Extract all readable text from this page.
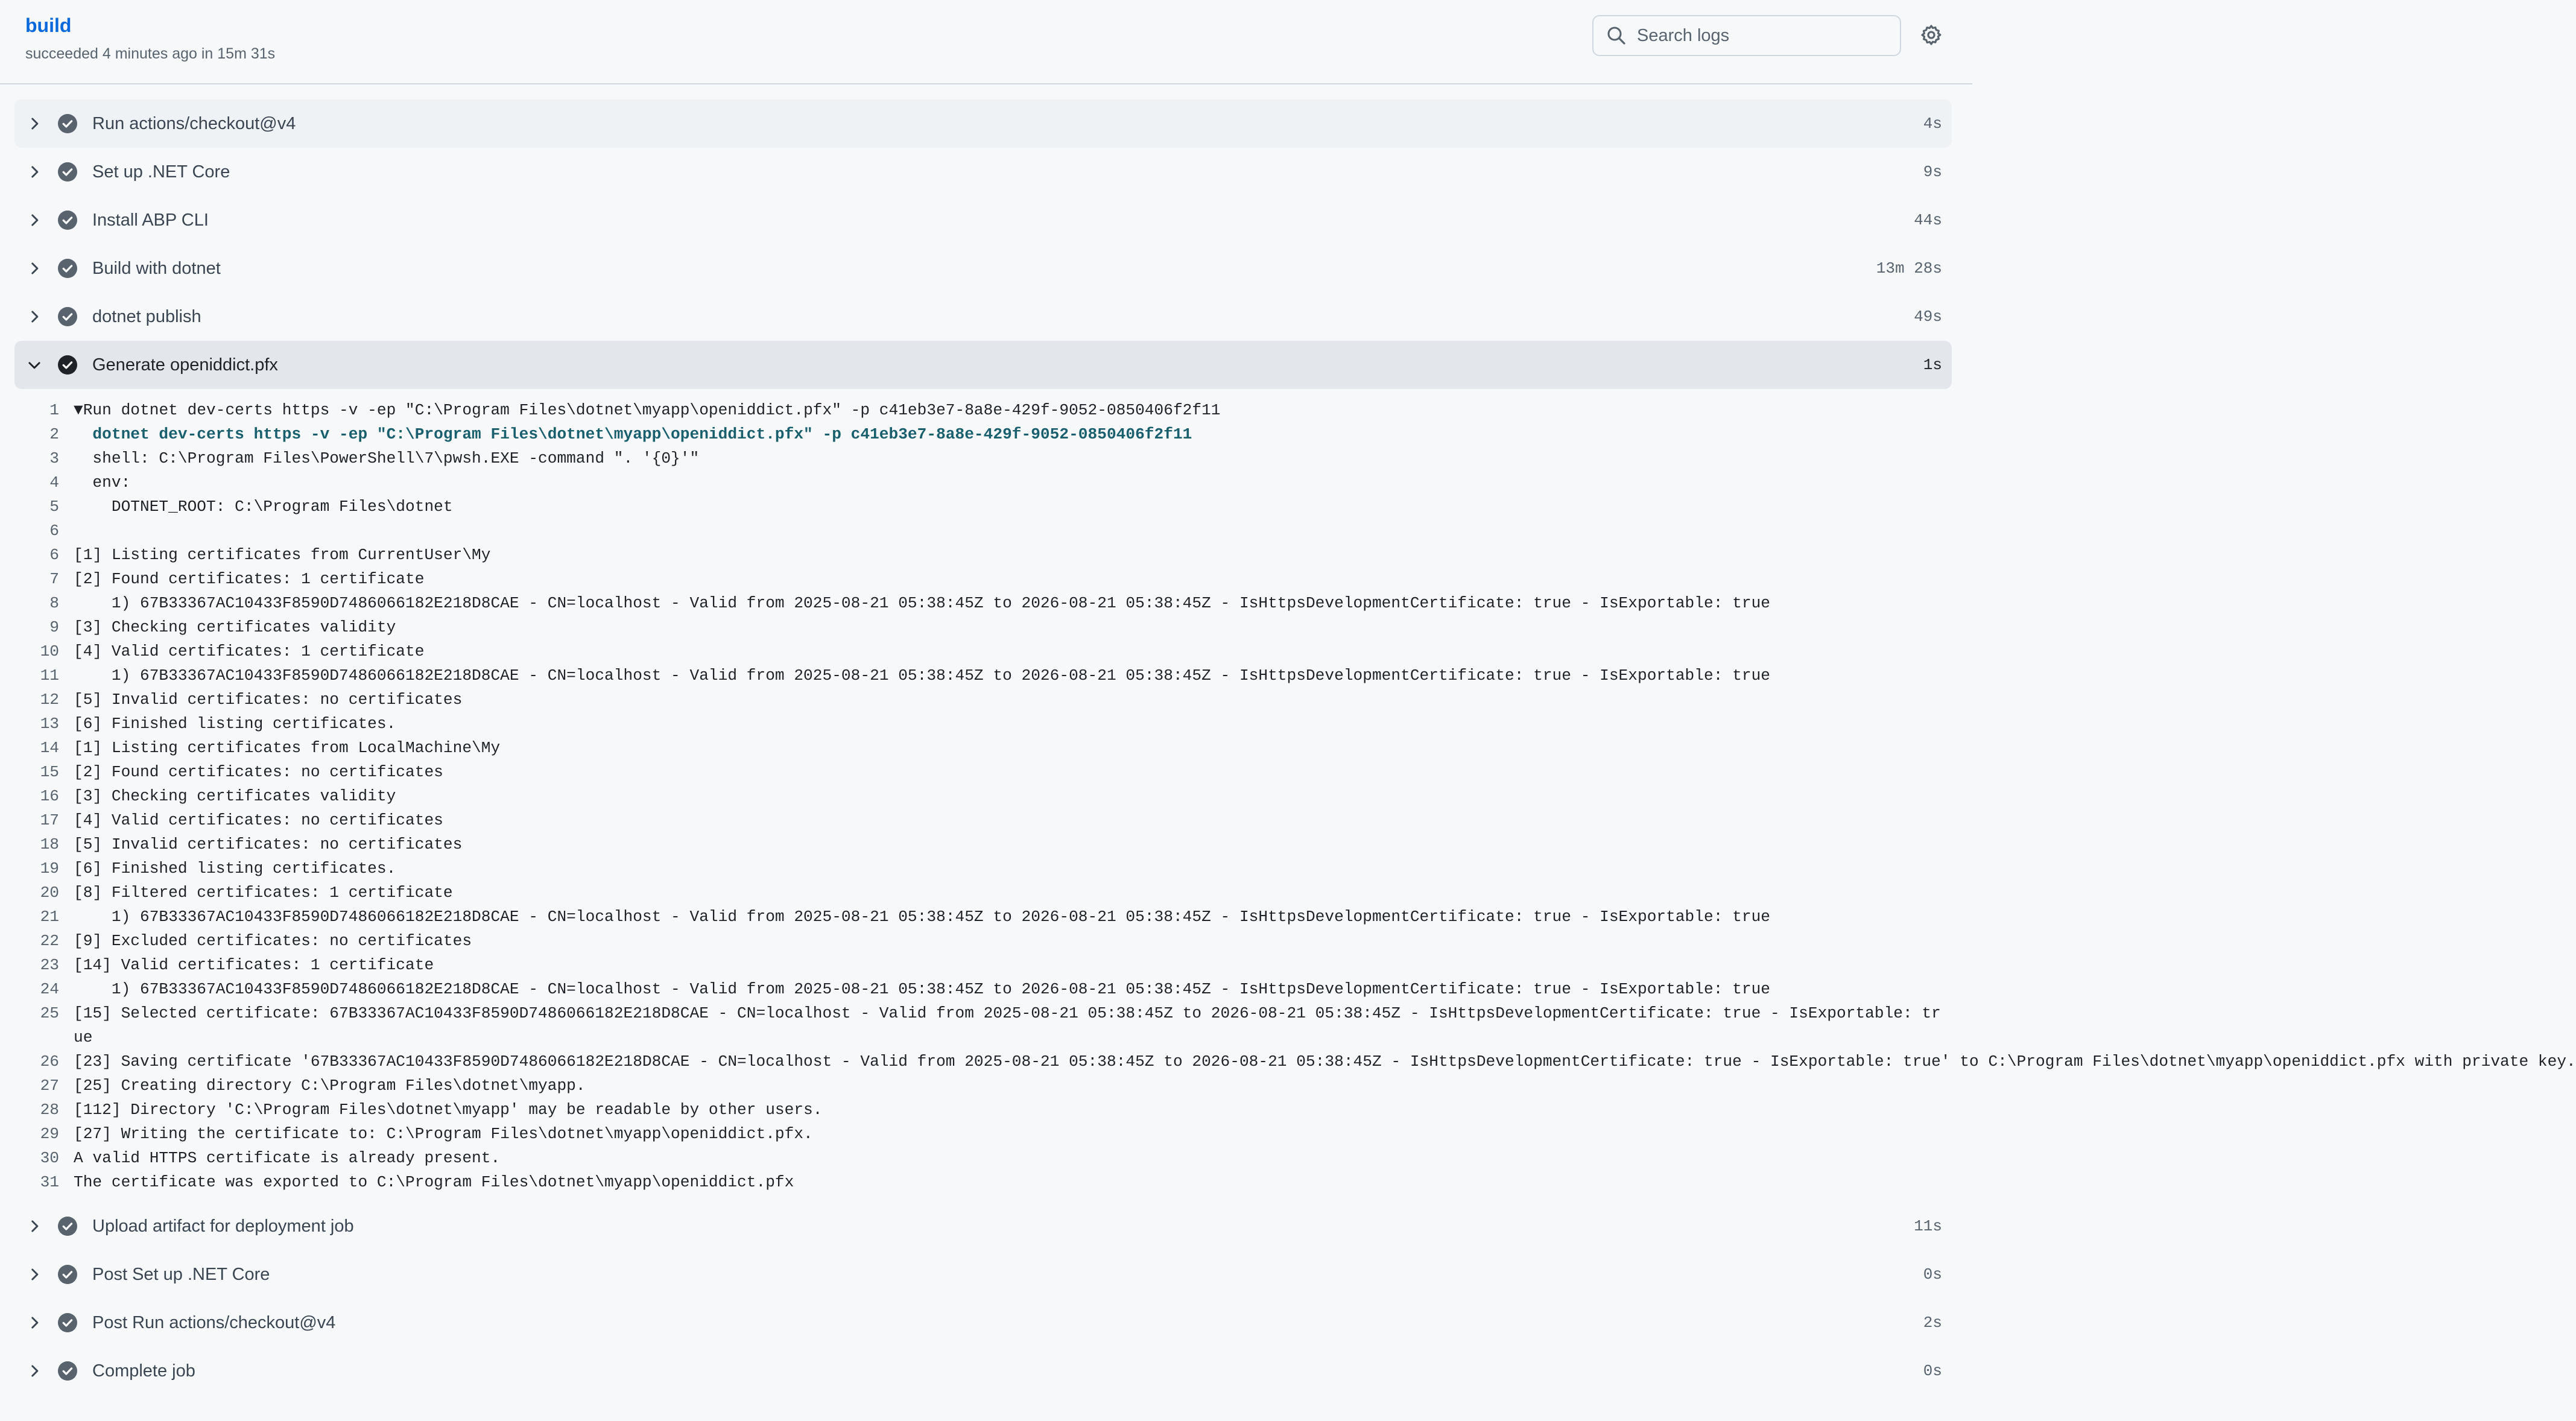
build
succeeded 4 minutes ago in 15m 31s
Search logs
Run actions/checkout@v4	4s
Set up .NET Core	9s
Install ABP CLI	44s
Build with dotnet	13m 28s
dotnet publish	49s
Generate openiddict.pfx	1s
1 ▼ Run dotnet dev-certs https -v -ep "C:\Program Files\dotnet\myapp\openiddict.pfx" -p c41eb3e7-8a8e-429f-9052-0850406f2f11
2 dotnet dev-certs https -v -ep "C:\Program Files\dotnet\myapp\openiddict.pfx" -p c41eb3e7-8a8e-429f-9052-0850406f2f11
3 shell: C:\Program Files\PowerShell\7\pwsh.EXE -command ". '{0}'"
4 env:
5 DOTNET_ROOT: C:\Program Files\dotnet
6
6 [1] Listing certificates from CurrentUser\My
7 [2] Found certificates: 1 certificate
8 1) 67B33367AC10433F8590D7486066182E218D8CAE - CN=localhost - Valid from 2025-08-21 05:38:45Z to 2026-08-21 05:38:45Z - IsHttpsDevelopmentCertificate: true - IsExportable: true
9 [3] Checking certificates validity
10 [4] Valid certificates: 1 certificate
11 1) 67B33367AC10433F8590D7486066182E218D8CAE - CN=localhost - Valid from 2025-08-21 05:38:45Z to 2026-08-21 05:38:45Z - IsHttpsDevelopmentCertificate: true - IsExportable: true
12 [5] Invalid certificates: no certificates
13 [6] Finished listing certificates.
14 [1] Listing certificates from LocalMachine\My
15 [2] Found certificates: no certificates
16 [3] Checking certificates validity
17 [4] Valid certificates: no certificates
18 [5] Invalid certificates: no certificates
19 [6] Finished listing certificates.
20 [8] Filtered certificates: 1 certificate
21 1) 67B33367AC10433F8590D7486066182E218D8CAE - CN=localhost - Valid from 2025-08-21 05:38:45Z to 2026-08-21 05:38:45Z - IsHttpsDevelopmentCertificate: true - IsExportable: true
22 [9] Excluded certificates: no certificates
23 [14] Valid certificates: 1 certificate
24 1) 67B33367AC10433F8590D7486066182E218D8CAE - CN=localhost - Valid from 2025-08-21 05:38:45Z to 2026-08-21 05:38:45Z - IsHttpsDevelopmentCertificate: true - IsExportable: true
25 [15] Selected certificate: 67B33367AC10433F8590D7486066182E218D8CAE - CN=localhost - Valid from 2025-08-21 05:38:45Z to 2026-08-21 05:38:45Z - IsHttpsDevelopmentCertificate: true - IsExportable: true
26 [23] Saving certificate '67B33367AC10433F8590D7486066182E218D8CAE - CN=localhost - Valid from 2025-08-21 05:38:45Z to 2026-08-21 05:38:45Z - IsHttpsDevelopmentCertificate: true - IsExportable: true' to C:\Program Files\dotnet\myapp\openiddict.pfx with private key.
27 [25] Creating directory C:\Program Files\dotnet\myapp.
28 [112] Directory 'C:\Program Files\dotnet\myapp' may be readable by other users.
29 [27] Writing the certificate to: C:\Program Files\dotnet\myapp\openiddict.pfx.
30 A valid HTTPS certificate is already present.
31 The certificate was exported to C:\Program Files\dotnet\myapp\openiddict.pfx
Upload artifact for deployment job	11s
Post Set up .NET Core	0s
Post Run actions/checkout@v4	2s
Complete job	0s
